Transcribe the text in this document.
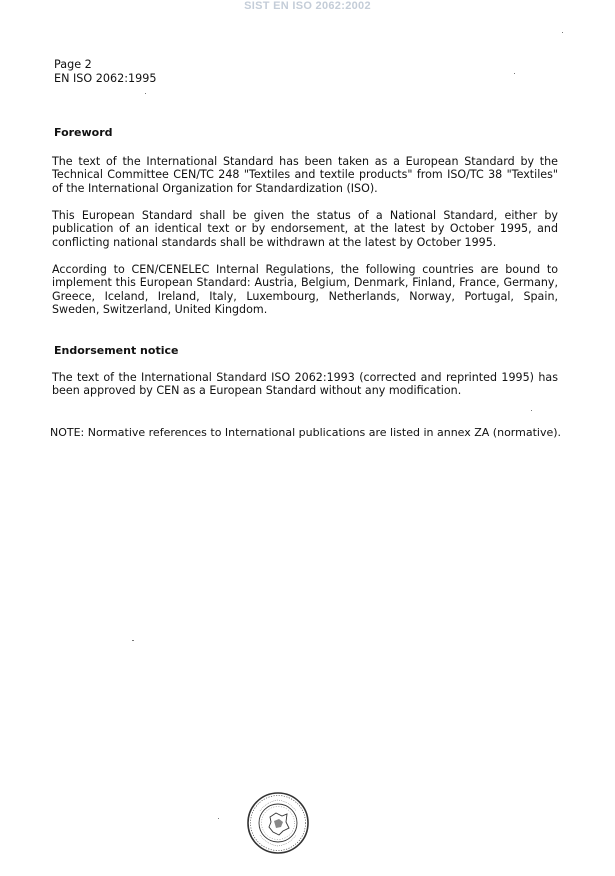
SIST EN ISO 2062:2002
Page 2
EN ISO 2062:1995
Foreword
The text of the International Standard has been taken as a European Standard by the Technical Committee CEN/TC 248 "Textiles and textile products" from ISO/TC 38 "Textiles" of the International Organization for Standardization (ISO).
This European Standard shall be given the status of a National Standard, either by publication of an identical text or by endorsement, at the latest by October 1995, and conflicting national standards shall be withdrawn at the latest by October 1995.
According to CEN/CENELEC Internal Regulations, the following countries are bound to implement this European Standard: Austria, Belgium, Denmark, Finland, France, Germany, Greece, Iceland, Ireland, Italy, Luxembourg, Netherlands, Norway, Portugal, Spain, Sweden, Switzerland, United Kingdom.
Endorsement notice
The text of the International Standard ISO 2062:1993 (corrected and reprinted 1995) has been approved by CEN as a European Standard without any modification.
NOTE: Normative references to International publications are listed in annex ZA (normative).
